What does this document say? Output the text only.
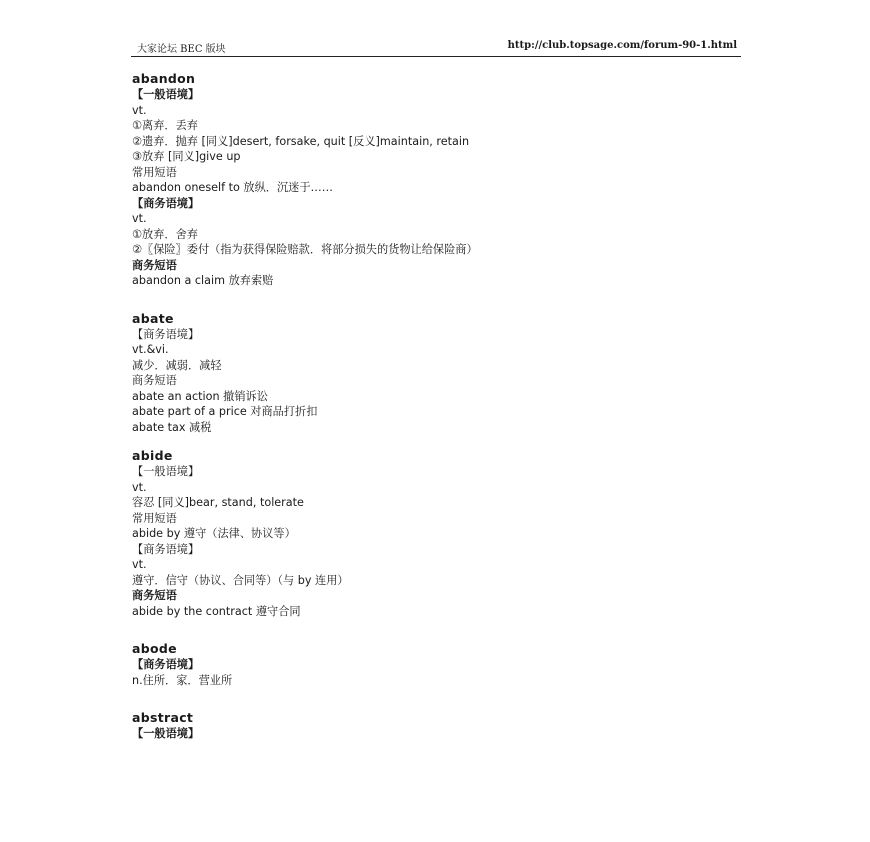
大家论坛 BEC 版块	http://club.topsage.com/forum-90-1.html
abandon
【一般语境】
vt.
①离弃．丢弃
②遗弃．抛弃 [同义]desert, forsake, quit [反义]maintain, retain
③放弃 [同义]give up
常用短语
abandon oneself to 放纵．沉迷于……
【商务语境】
vt.
①放弃．舍弃
②〖保险〗委付（指为获得保险赔款．将部分损失的货物让给保险商）
商务短语
abandon a claim 放弃索赔
abate
【商务语境】
vt.&vi.
减少．减弱．减轻
商务短语
abate an action 撤销诉讼
abate part of a price 对商品打折扣
abate tax 减税
abide
【一般语境】
vt.
容忍 [同义]bear, stand, tolerate
常用短语
abide by 遵守（法律、协议等）
【商务语境】
vt.
遵守．信守（协议、合同等）（与 by 连用）
商务短语
abide by the contract 遵守合同
abode
【商务语境】
n.住所．家．营业所
abstract
【一般语境】
